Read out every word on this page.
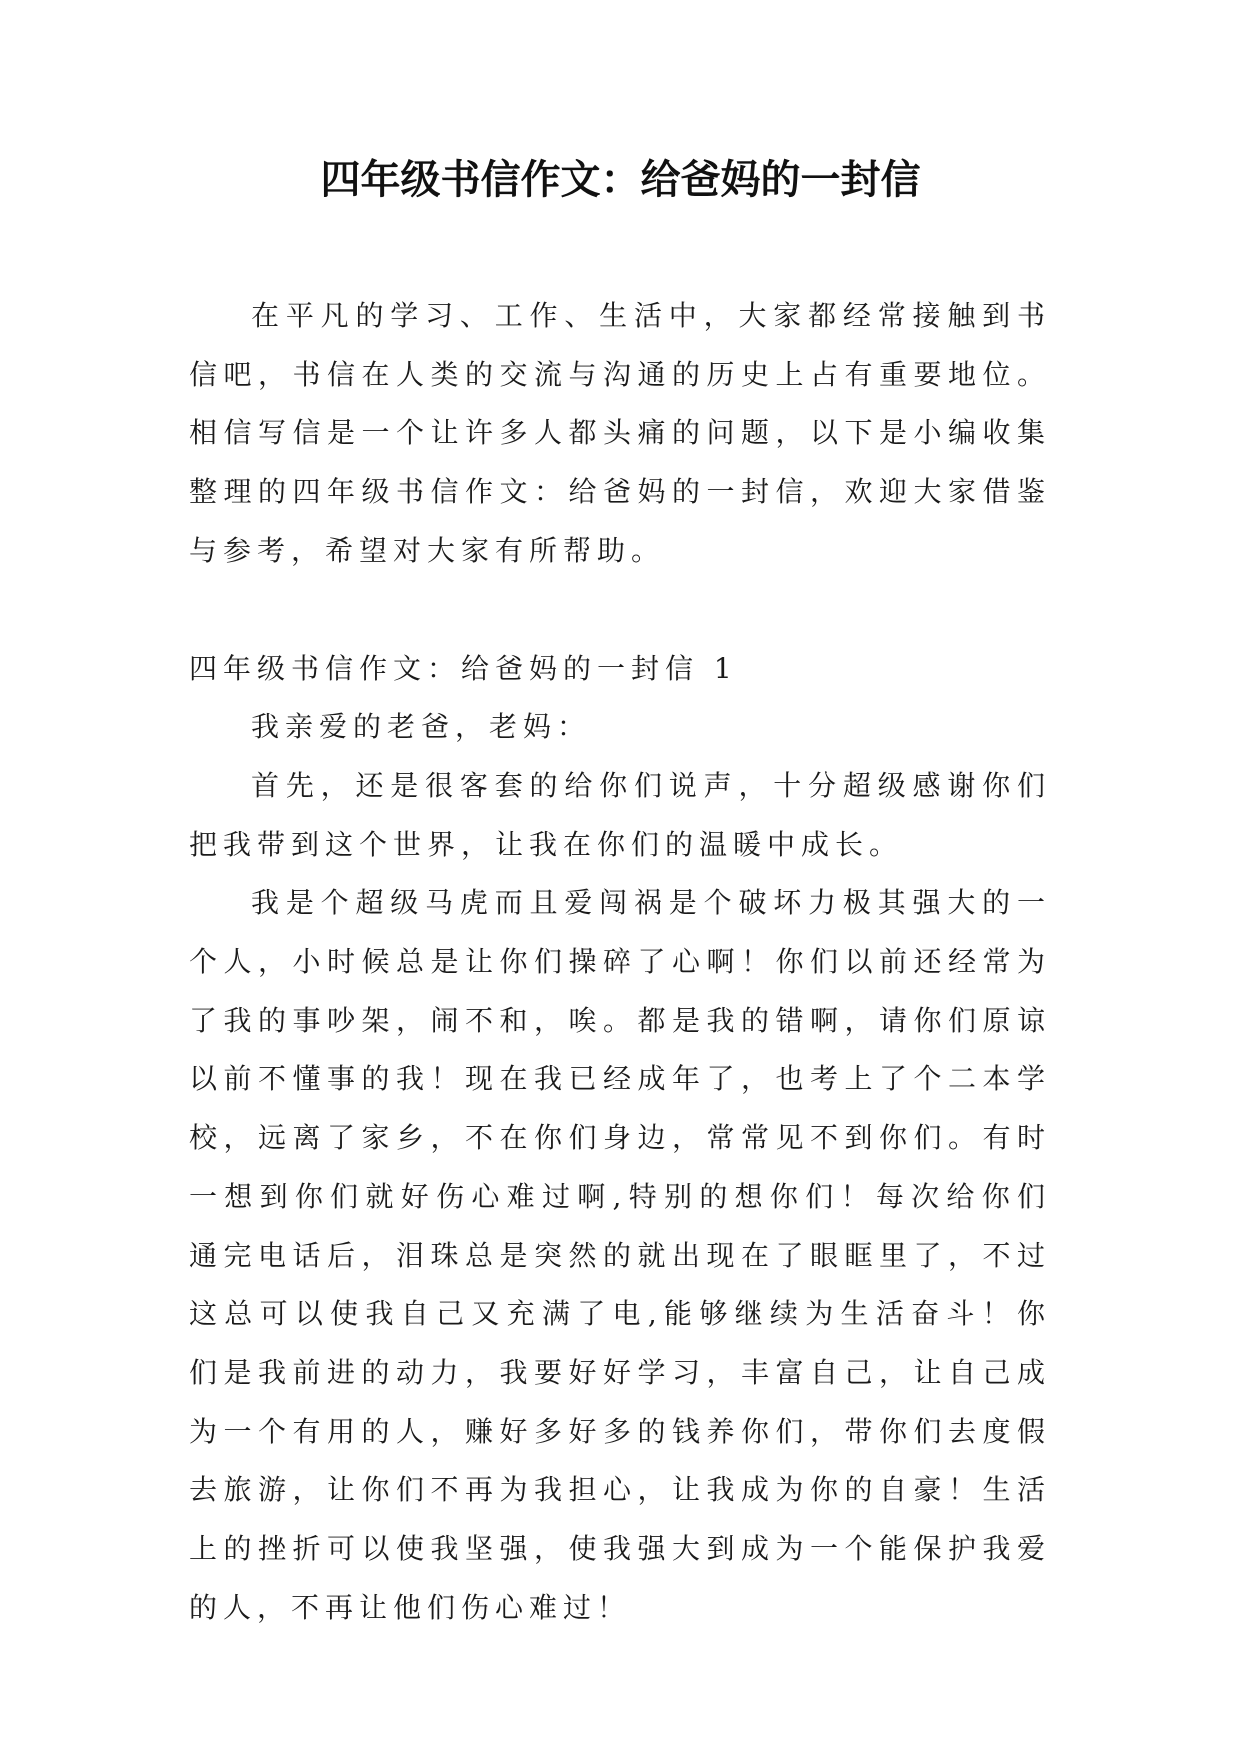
四年级书信作文：给爸妈的一封信

在平凡的学习、工作、生活中，大家都经常接触到书信吧，书信在人类的交流与沟通的历史上占有重要地位。相信写信是一个让许多人都头痛的问题，以下是小编收集整理的四年级书信作文：给爸妈的一封信，欢迎大家借鉴与参考，希望对大家有所帮助。

四年级书信作文：给爸妈的一封信 1

我亲爱的老爸，老妈：

首先，还是很客套的给你们说声，十分超级感谢你们把我带到这个世界，让我在你们的温暖中成长。

我是个超级马虎而且爱闯祸是个破坏力极其强大的一个人，小时候总是让你们操碎了心啊！你们以前还经常为了我的事吵架，闹不和，唉。都是我的错啊，请你们原谅以前不懂事的我！现在我已经成年了，也考上了个二本学校，远离了家乡，不在你们身边，常常见不到你们。有时一想到你们就好伤心难过啊,特别的想你们！每次给你们通完电话后，泪珠总是突然的就出现在了眼眶里了，不过这总可以使我自己又充满了电,能够继续为生活奋斗！你们是我前进的动力，我要好好学习，丰富自己，让自己成为一个有用的人，赚好多好多的钱养你们，带你们去度假去旅游，让你们不再为我担心，让我成为你的自豪！生活上的挫折可以使我坚强，使我强大到成为一个能保护我爱的人，不再让他们伤心难过！
